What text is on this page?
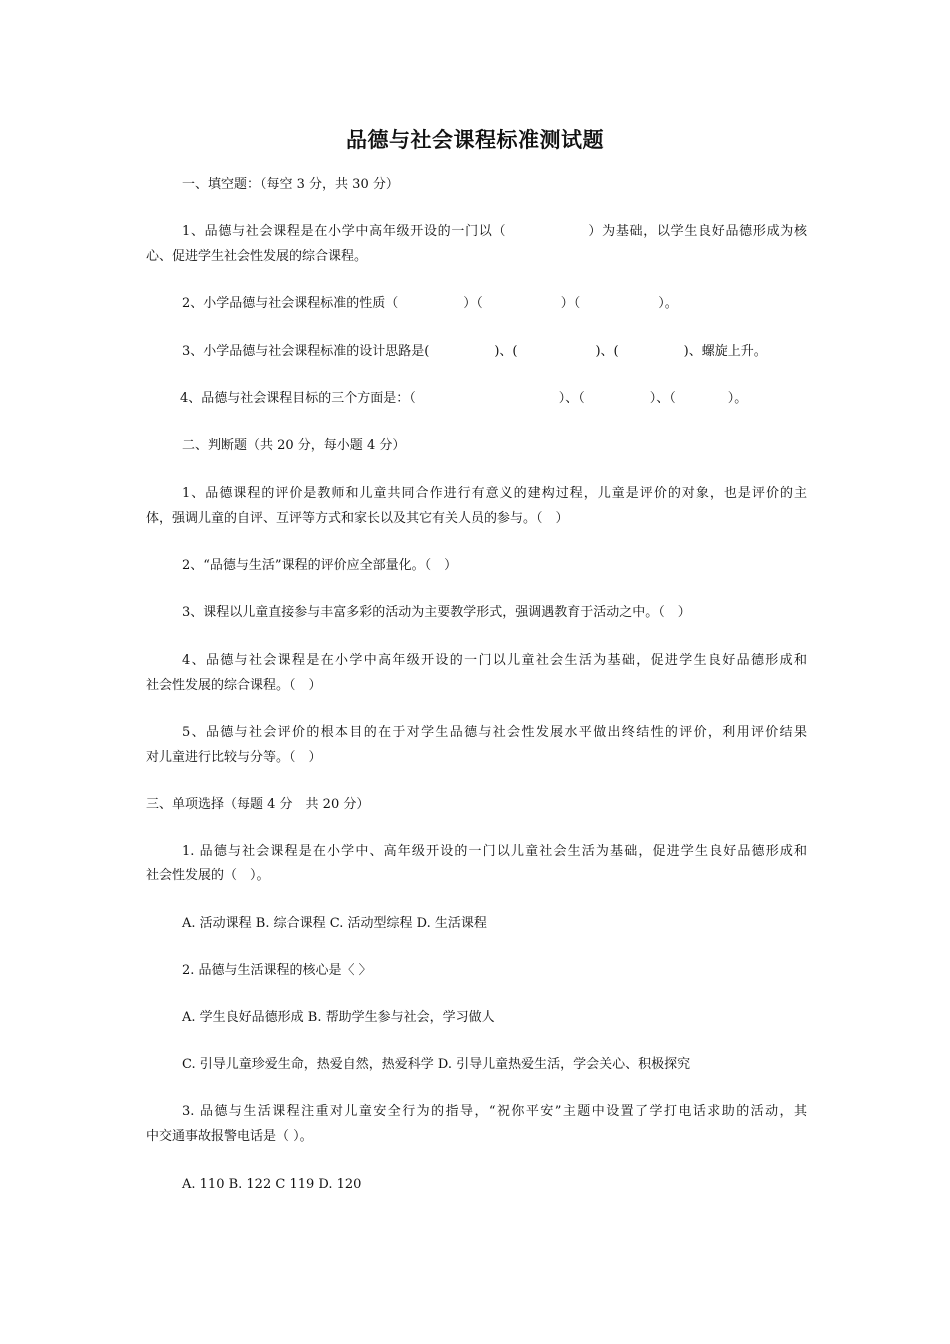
品德与社会课程标准测试题
一、填空题：（每空 3 分，共 30 分）
1、品德与社会课程是在小学中高年级开设的一门以（　　　　　　）为基础，以学生良好品德形成为核
心、促进学生社会性发展的综合课程。
2、小学品德与社会课程标准的性质（　　　　　）（　　　　　　）（　　　　　　）。
3、小学品德与社会课程标准的设计思路是(　　　　　)、(　　　　　　)、(　　　　　)、螺旋上升。
4、品德与社会课程目标的三个方面是：（　　　　　　　　　　　）、（　　　　　）、（　　　　）。
二、判断题（共 20 分，每小题 4 分）
1、品德课程的评价是教师和儿童共同合作进行有意义的建构过程，儿童是评价的对象，也是评价的主
体，强调儿童的自评、互评等方式和家长以及其它有关人员的参与。（　）
2、“品德与生活”课程的评价应全部量化。（　）
3、课程以儿童直接参与丰富多彩的活动为主要教学形式，强调遇教育于活动之中。（　）
4、品德与社会课程是在小学中高年级开设的一门以儿童社会生活为基础，促进学生良好品德形成和
社会性发展的综合课程。（　）
5、品德与社会评价的根本目的在于对学生品德与社会性发展水平做出终结性的评价，利用评价结果
对儿童进行比较与分等。（　）
三、单项选择（每题 4 分　共 20 分）
1. 品德与社会课程是在小学中、高年级开设的一门以儿童社会生活为基础，促进学生良好品德形成和
社会性发展的（　）。
A. 活动课程 B. 综合课程 C. 活动型综程 D. 生活课程
2. 品德与生活课程的核心是〈 〉
A. 学生良好品德形成 B. 帮助学生参与社会，学习做人
C. 引导儿童珍爱生命，热爱自然，热爱科学 D. 引导儿童热爱生活，学会关心、积极探究
3. 品德与生活课程注重对儿童安全行为的指导，“祝你平安”主题中设置了学打电话求助的活动，其
中交通事故报警电话是（ ）。
A. 110 B. 122 C 119 D. 120
